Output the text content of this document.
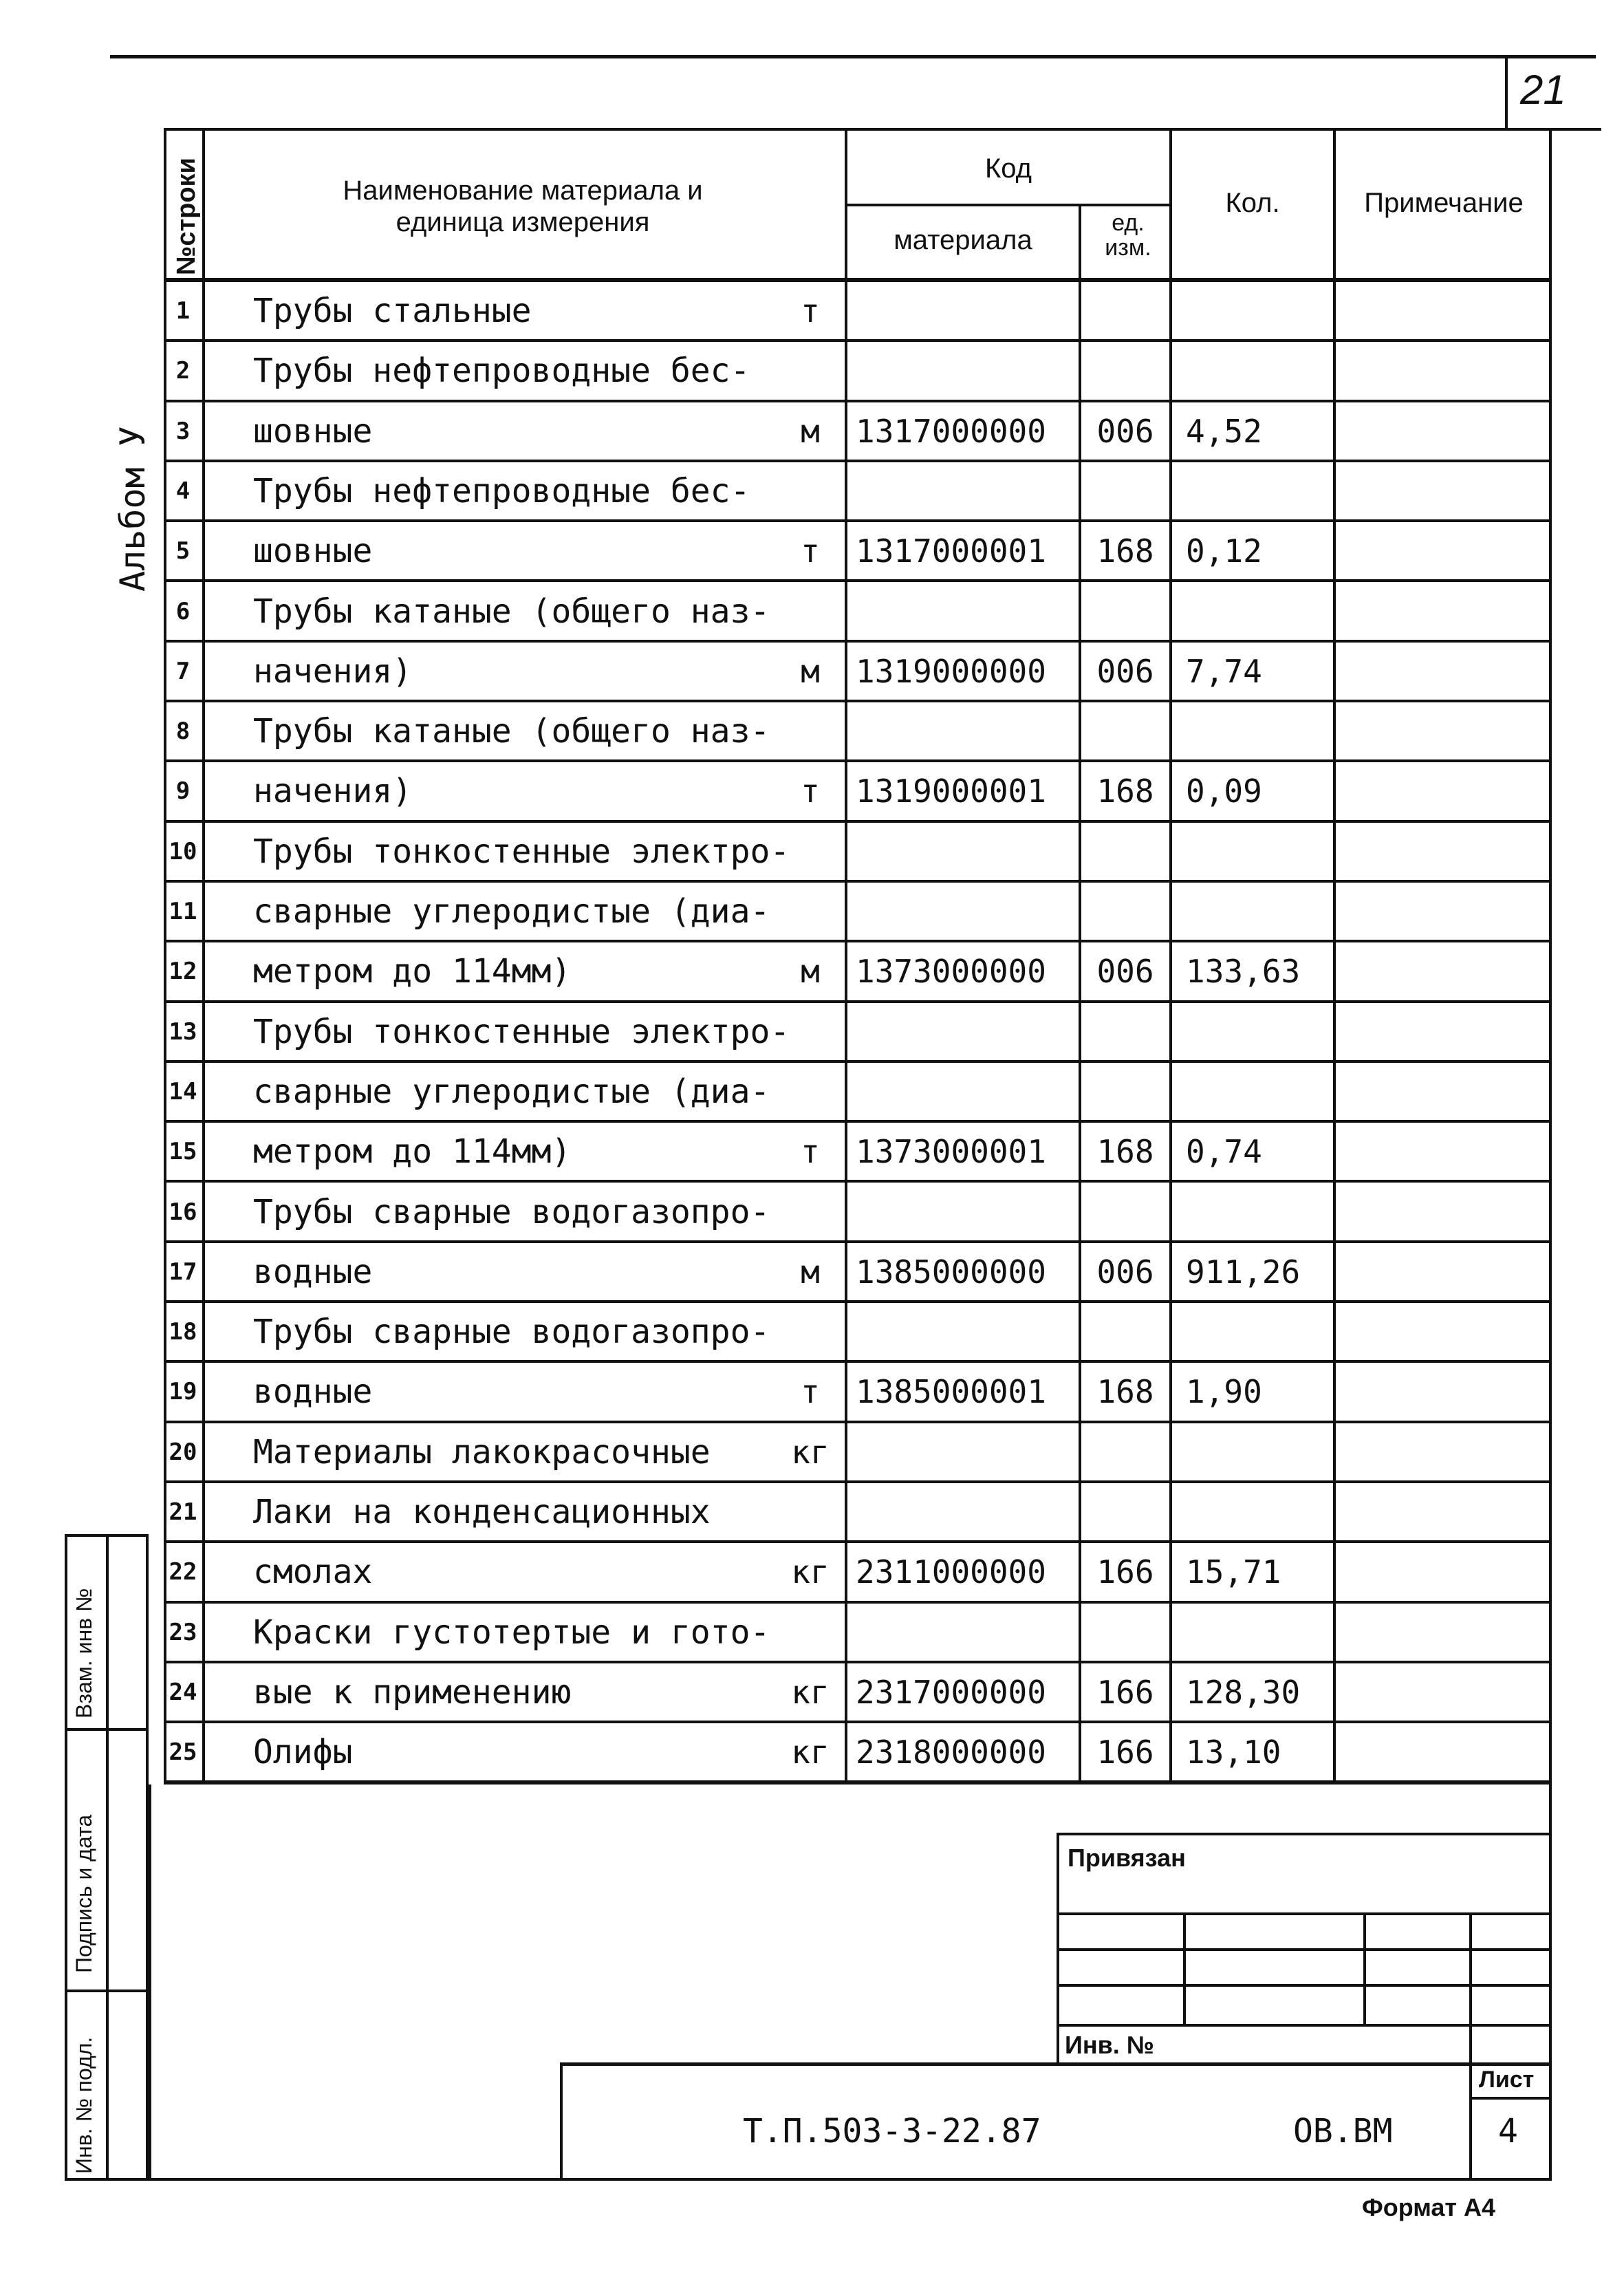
21
Альбом У
№строки	Наименование материала и единица измерения
Код
материала
ед. изм.
Кол.	Примечание
1	Трубы стальные	т
2	Трубы нефтепроводные бес-
3	шовные	м	1317000000	006	4,52
4	Трубы нефтепроводные бес-
5	шовные	т	1317000001	168	0,12
6	Трубы катаные (общего наз-
7	начения)	м	1319000000	006	7,74
8	Трубы катаные (общего наз-
9	начения)	т	1319000001	168	0,09
10 Трубы тонкостенные электро-
11 сварные углеродистые (диа-
12 метром до 114мм)	м	1373000000	006	133,63
13 Трубы тонкостенные электро-
14 сварные углеродистые (диа-
15 метром до 114мм)	т	1373000001	168	0,74
16 Трубы сварные водогазопро-
17 водные	м	1385000000	006	911,26
18 Трубы сварные водогазопро-
19 водные	т	1385000001	168	1,90
20 Материалы лакокрасочные	кг
21 Лаки на конденсационных
22 смолах	кг 2311000000	166	15,71
23 Краски густотертые и гото-
24 вые к применению	кг 2317000000	166	128,30
25 Олифы	кг 2318000000	166	13,10
Взам. инв №
Подпись и дата
Инв. № подл.
Привязан
Инв. №
Т.П.503-3-22.87	ОВ.ВМ
Лист
4
Формат А4
